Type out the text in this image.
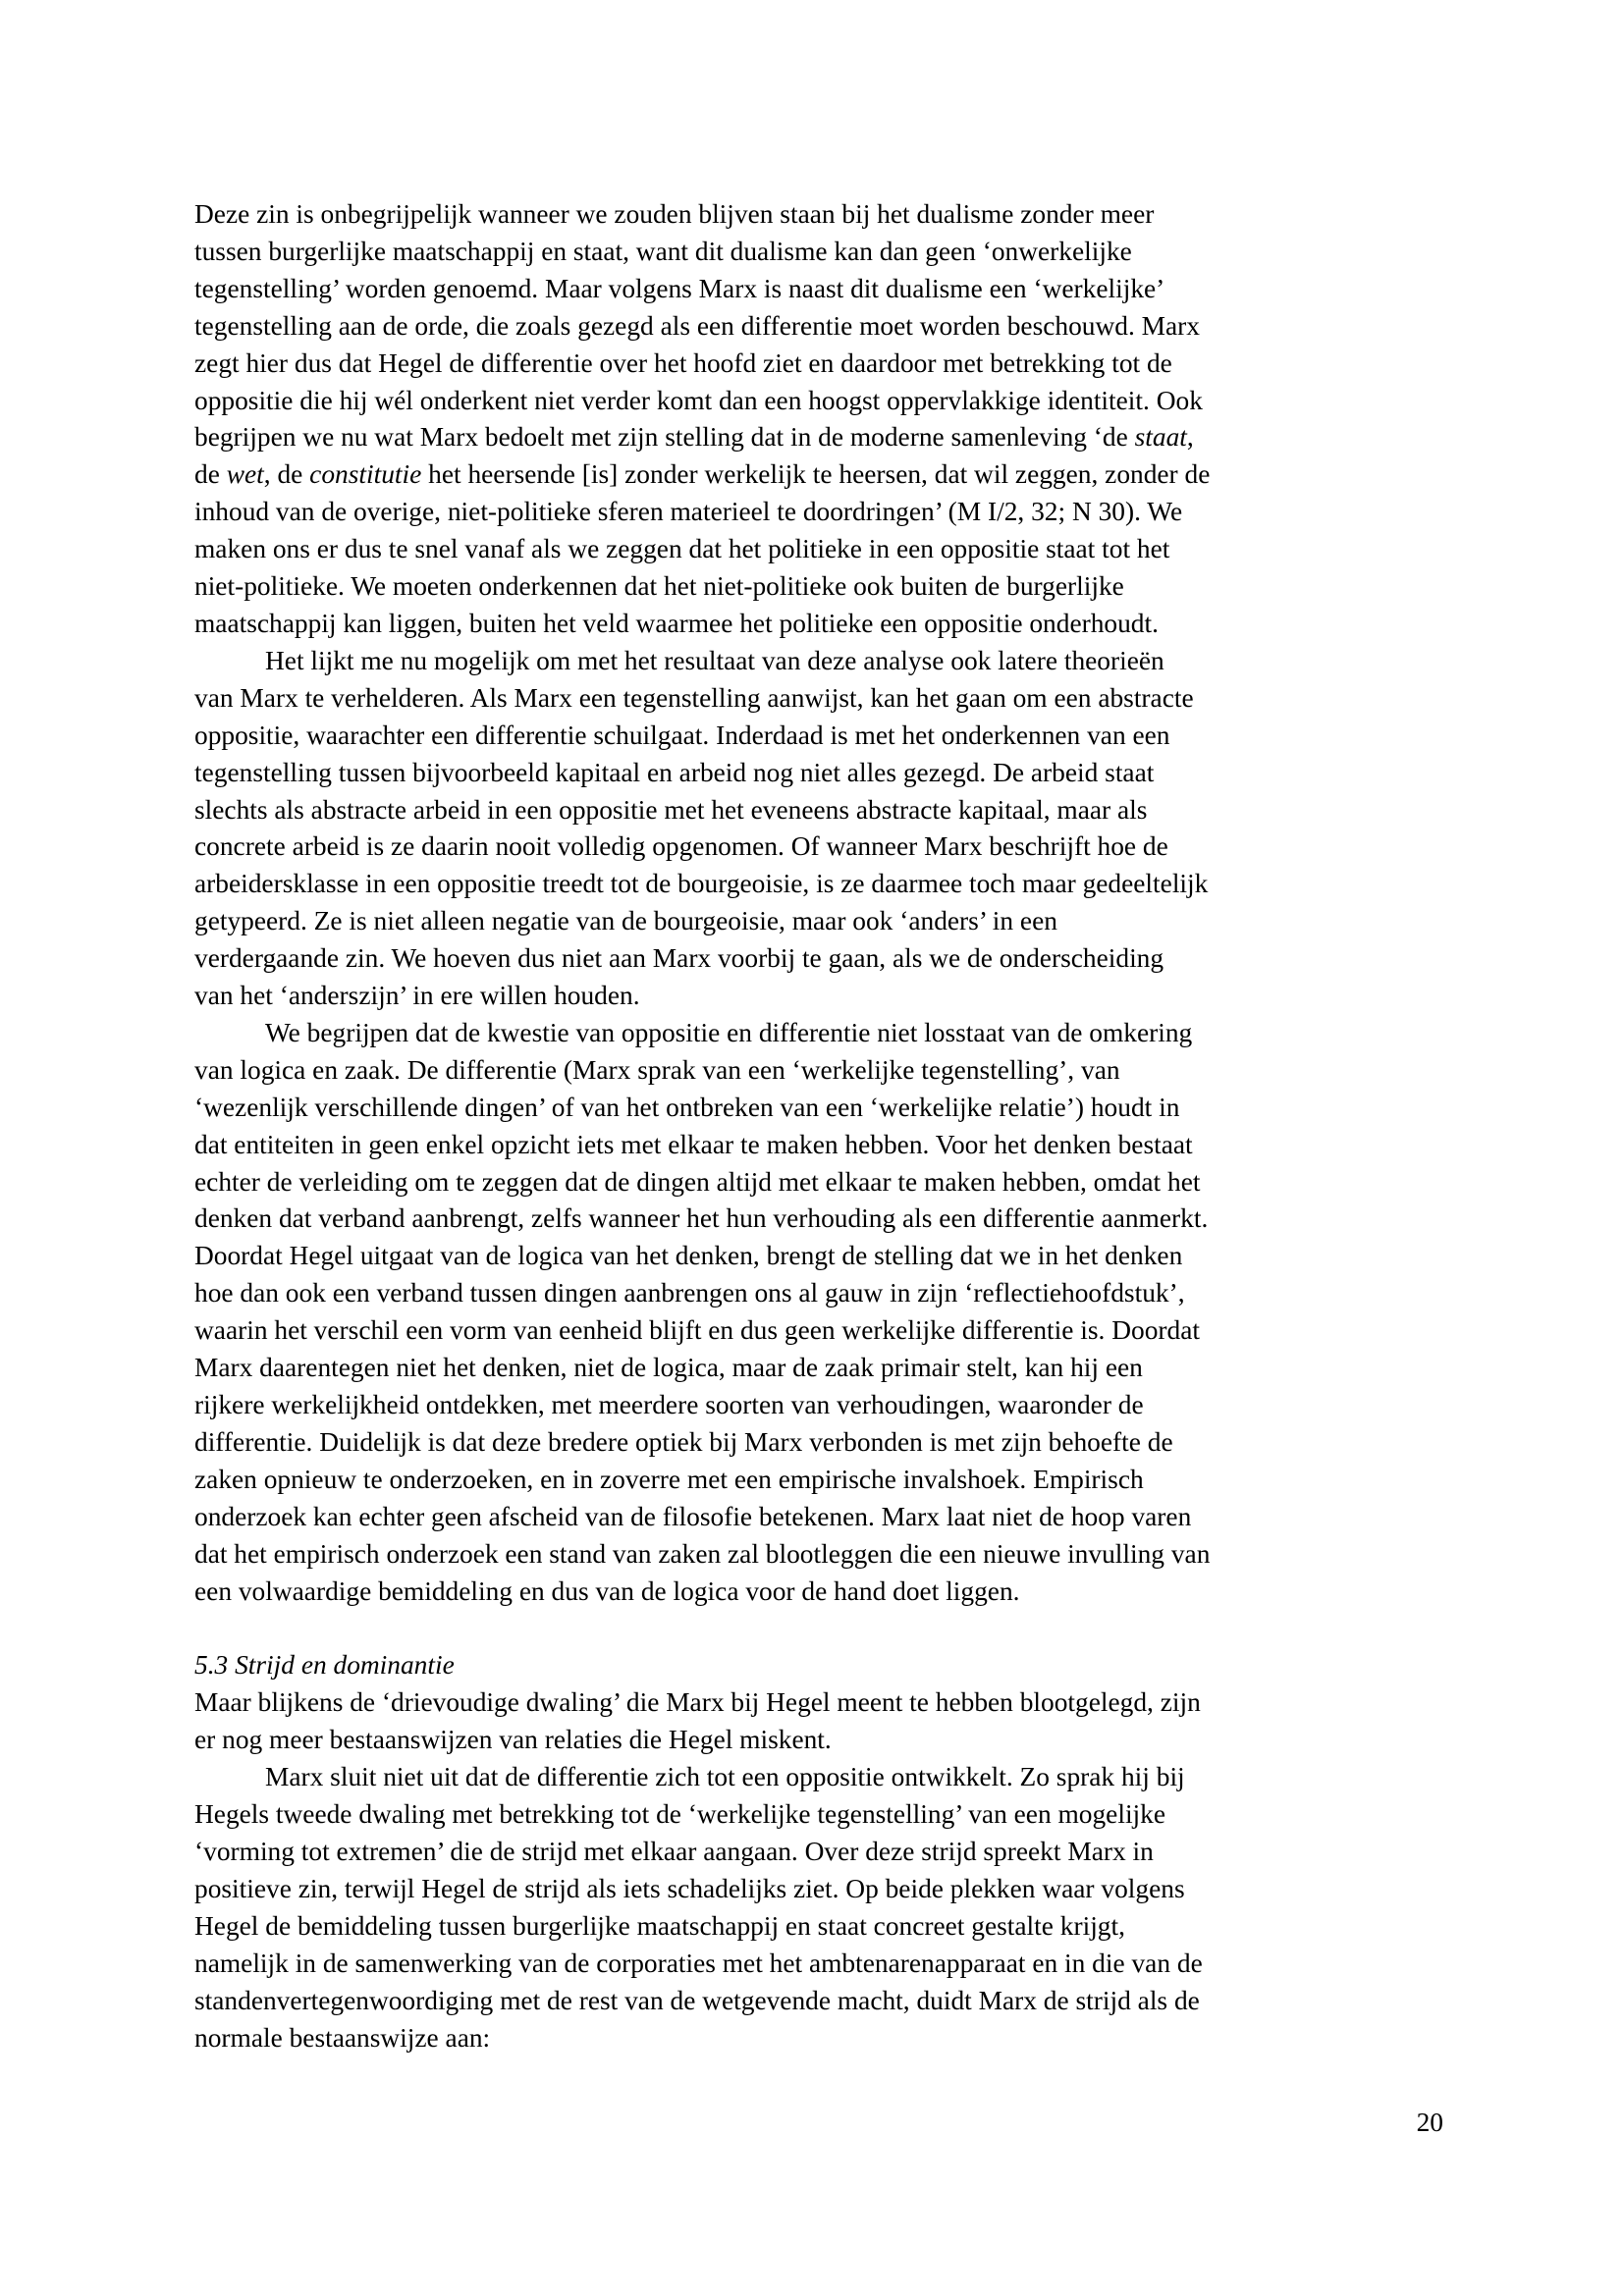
Deze zin is onbegrijpelijk wanneer we zouden blijven staan bij het dualisme zonder meer
tussen burgerlijke maatschappij en staat, want dit dualisme kan dan geen ‘onwerkelijke
tegenstelling’ worden genoemd. Maar volgens Marx is naast dit dualisme een ‘werkelijke’
tegenstelling aan de orde, die zoals gezegd als een differentie moet worden beschouwd. Marx
zegt hier dus dat Hegel de differentie over het hoofd ziet en daardoor met betrekking tot de
oppositie die hij wél onderkent niet verder komt dan een hoogst oppervlakkige identiteit. Ook
begrijpen we nu wat Marx bedoelt met zijn stelling dat in de moderne samenleving ‘de staat,
de wet, de constitutie het heersende [is] zonder werkelijk te heersen, dat wil zeggen, zonder de
inhoud van de overige, niet-politieke sferen materieel te doordringen’ (M I/2, 32; N 30). We
maken ons er dus te snel vanaf als we zeggen dat het politieke in een oppositie staat tot het
niet-politieke. We moeten onderkennen dat het niet-politieke ook buiten de burgerlijke
maatschappij kan liggen, buiten het veld waarmee het politieke een oppositie onderhoudt.

Het lijkt me nu mogelijk om met het resultaat van deze analyse ook latere theorieën
van Marx te verhelderen. Als Marx een tegenstelling aanwijst, kan het gaan om een abstracte
oppositie, waarachter een differentie schuilgaat. Inderdaad is met het onderkennen van een
tegenstelling tussen bijvoorbeeld kapitaal en arbeid nog niet alles gezegd. De arbeid staat
slechts als abstracte arbeid in een oppositie met het eveneens abstracte kapitaal, maar als
concrete arbeid is ze daarin nooit volledig opgenomen. Of wanneer Marx beschrijft hoe de
arbeidersklasse in een oppositie treedt tot de bourgeoisie, is ze daarmee toch maar gedeeltelijk
getypeerd. Ze is niet alleen negatie van de bourgeoisie, maar ook ‘anders’ in een
verdergaande zin. We hoeven dus niet aan Marx voorbij te gaan, als we de onderscheiding
van het ‘anderszijn’ in ere willen houden.

We begrijpen dat de kwestie van oppositie en differentie niet losstaat van de omkering
van logica en zaak. De differentie (Marx sprak van een ‘werkelijke tegenstelling’, van
‘wezenlijk verschillende dingen’ of van het ontbreken van een ‘werkelijke relatie’) houdt in
dat entiteiten in geen enkel opzicht iets met elkaar te maken hebben. Voor het denken bestaat
echter de verleiding om te zeggen dat de dingen altijd met elkaar te maken hebben, omdat het
denken dat verband aanbrengt, zelfs wanneer het hun verhouding als een differentie aanmerkt.
Doordat Hegel uitgaat van de logica van het denken, brengt de stelling dat we in het denken
hoe dan ook een verband tussen dingen aanbrengen ons al gauw in zijn ‘reflectiehoofdstuk’,
waarin het verschil een vorm van eenheid blijft en dus geen werkelijke differentie is. Doordat
Marx daarentegen niet het denken, niet de logica, maar de zaak primair stelt, kan hij een
rijkere werkelijkheid ontdekken, met meerdere soorten van verhoudingen, waaronder de
differentie. Duidelijk is dat deze bredere optiek bij Marx verbonden is met zijn behoefte de
zaken opnieuw te onderzoeken, en in zoverre met een empirische invalshoek. Empirisch
onderzoek kan echter geen afscheid van de filosofie betekenen. Marx laat niet de hoop varen
dat het empirisch onderzoek een stand van zaken zal blootleggen die een nieuwe invulling van
een volwaardige bemiddeling en dus van de logica voor de hand doet liggen.

5.3 Strijd en dominantie

Maar blijkens de ‘drievoudige dwaling’ die Marx bij Hegel meent te hebben blootgelegd, zijn
er nog meer bestaanswijzen van relaties die Hegel miskent.

Marx sluit niet uit dat de differentie zich tot een oppositie ontwikkelt. Zo sprak hij bij
Hegels tweede dwaling met betrekking tot de ‘werkelijke tegenstelling’ van een mogelijke
‘vorming tot extremen’ die de strijd met elkaar aangaan. Over deze strijd spreekt Marx in
positieve zin, terwijl Hegel de strijd als iets schadelijks ziet. Op beide plekken waar volgens
Hegel de bemiddeling tussen burgerlijke maatschappij en staat concreet gestalte krijgt,
namelijk in de samenwerking van de corporaties met het ambtenarenapparaat en in die van de
standenvertegenwoordiging met de rest van de wetgevende macht, duidt Marx de strijd als de
normale bestaanswijze aan:

20
